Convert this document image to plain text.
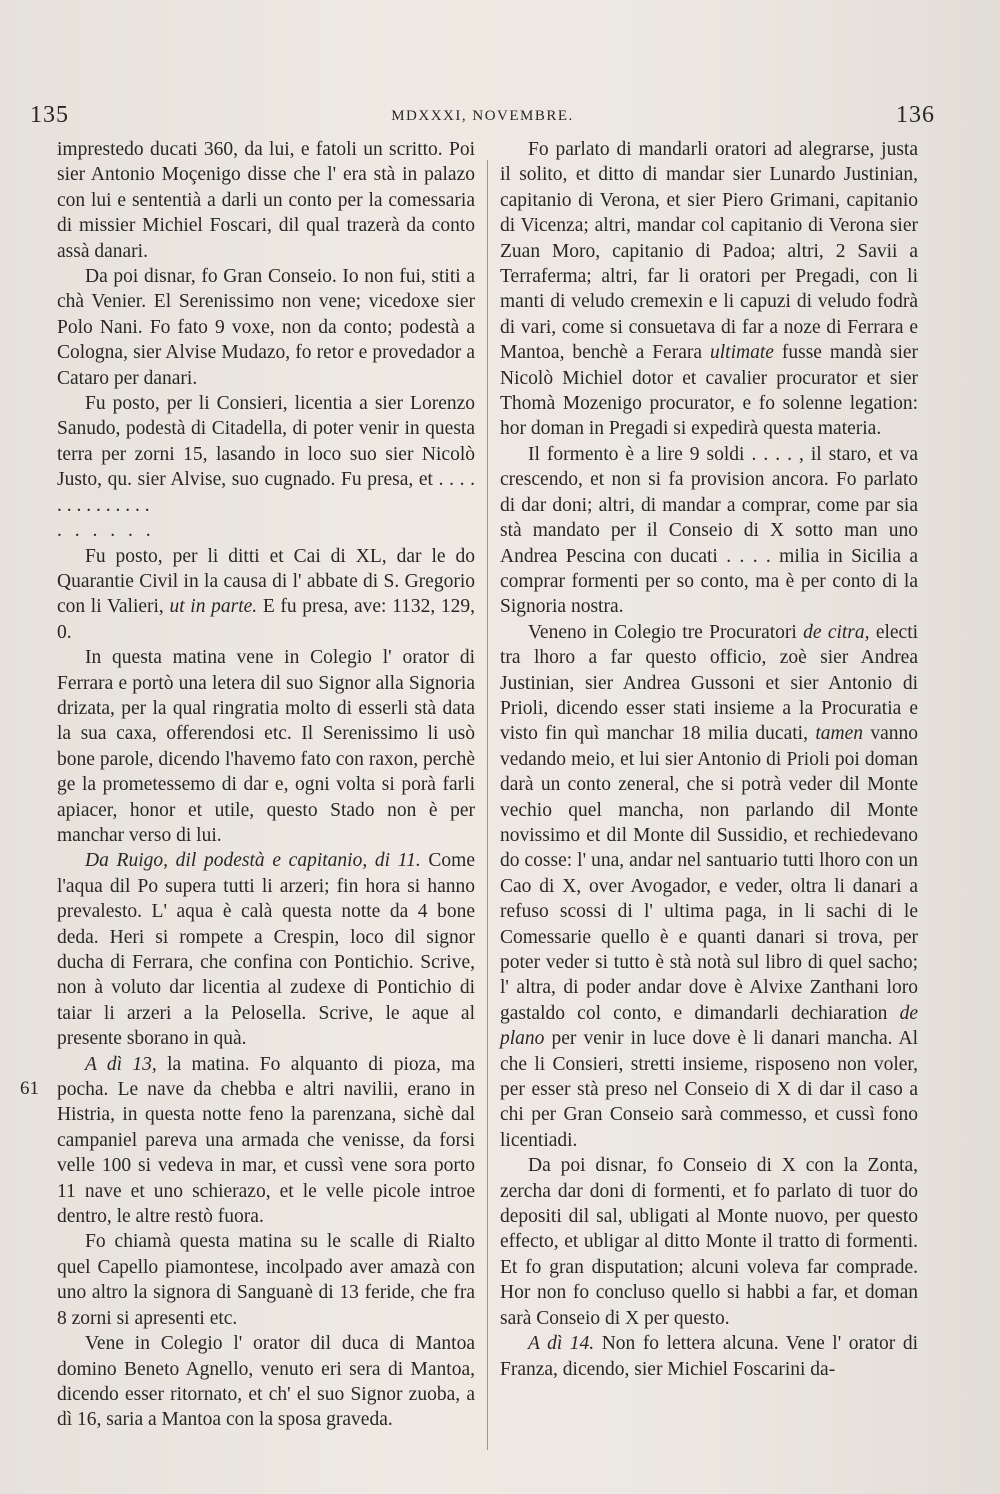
135	MDXXXI, NOVEMBRE.	136
61

imprestedo ducati 360, da lui, e fatoli un scritto. Poi sier Antonio Moçenigo disse che l' era stà in palazo con lui e sententià a darli un conto per la comessaria di missier Michiel Foscari, dil qual trazerà da conto assà danari.

Da poi disnar, fo Gran Conseio. Io non fui, stiti a chà Venier. El Serenissimo non vene; vicedoxe sier Polo Nani. Fo fato 9 voxe, non da conto; podestà a Cologna, sier Alvise Mudazo, fo retor e provedador a Cataro per danari.

Fu posto, per li Consieri, licentia a sier Lorenzo Sanudo, podestà di Citadella, di poter venir in questa terra per zorni 15, lasando in loco suo sier Nicolò Justo, qu. sier Alvise, suo cugnado. Fu presa, et . . . . . . . . . . . . . .

. . . . . .

Fu posto, per li ditti et Cai di XL, dar le do Quarantie Civil in la causa di l' abbate di S. Gregorio con li Valieri, ut in parte. E fu presa, ave: 1132, 129, 0.

In questa matina vene in Colegio l' orator di Ferrara e portò una letera dil suo Signor alla Signoria drizata, per la qual ringratia molto di esserli stà data la sua caxa, offerendosi etc. Il Serenissimo li usò bone parole, dicendo l'havemo fato con raxon, perchè ge la prometessemo di dar e, ogni volta si porà farli apiacer, honor et utile, questo Stado non è per manchar verso di lui.

Da Ruigo, dil podestà e capitanio, di 11. Come l'aqua dil Po supera tutti li arzeri; fin hora si hanno prevalesto. L' aqua è calà questa notte da 4 bone deda. Heri si rompete a Crespin, loco dil signor ducha di Ferrara, che confina con Pontichio. Scrive, non à voluto dar licentia al zudexe di Pontichio di taiar li arzeri a la Pelosella. Scrive, le aque al presente sborano in quà.

A dì 13, la matina. Fo alquanto di pioza, ma pocha. Le nave da chebba e altri navilii, erano in Histria, in questa notte feno la parenzana, sichè dal campaniel pareva una armada che venisse, da forsi velle 100 si vedeva in mar, et cussì vene sora porto 11 nave et uno schierazo, et le velle picole introe dentro, le altre restò fuora.

Fo chiamà questa matina su le scalle di Rialto quel Capello piamontese, incolpado aver amazà con uno altro la signora di Sanguanè di 13 feride, che fra 8 zorni si apresenti etc.

Vene in Colegio l' orator dil duca di Mantoa domino Beneto Agnello, venuto eri sera di Mantoa, dicendo esser ritornato, et ch' el suo Signor zuoba, a dì 16, saria a Mantoa con la sposa graveda.

Fo parlato di mandarli oratori ad alegrarse, justa il solito, et ditto di mandar sier Lunardo Justinian, capitanio di Verona, et sier Piero Grimani, capitanio di Vicenza; altri, mandar col capitanio di Verona sier Zuan Moro, capitanio di Padoa; altri, 2 Savii a Terraferma; altri, far li oratori per Pregadi, con li manti di veludo cremexin e li capuzi di veludo fodrà di vari, come si consuetava di far a noze di Ferrara e Mantoa, benchè a Ferara ultimate fusse mandà sier Nicolò Michiel dotor et cavalier procurator et sier Thomà Mozenigo procurator, e fo solenne legation: hor doman in Pregadi si expedirà questa materia.

Il formento è a lire 9 soldi . . . . , il staro, et va crescendo, et non si fa provision ancora. Fo parlato di dar doni; altri, di mandar a comprar, come par sia stà mandato per il Conseio di X sotto man uno Andrea Pescina con ducati . . . . milia in Sicilia a comprar formenti per so conto, ma è per conto di la Signoria nostra.

Veneno in Colegio tre Procuratori de citra, electi tra lhoro a far questo officio, zoè sier Andrea Justinian, sier Andrea Gussoni et sier Antonio di Prioli, dicendo esser stati insieme a la Procuratia e visto fin quì manchar 18 milia ducati, tamen vanno vedando meio, et lui sier Antonio di Prioli poi doman darà un conto zeneral, che si potrà veder dil Monte vechio quel mancha, non parlando dil Monte novissimo et dil Monte dil Sussidio, et rechiedevano do cosse: l' una, andar nel santuario tutti lhoro con un Cao di X, over Avogador, e veder, oltra li danari a refuso scossi di l' ultima paga, in li sachi di le Comessarie quello è e quanti danari si trova, per poter veder si tutto è stà notà sul libro di quel sacho; l' altra, di poder andar dove è Alvixe Zanthani loro gastaldo col conto, e dimandarli dechiaration de plano per venir in luce dove è li danari mancha. Al che li Consieri, stretti insieme, risposeno non voler, per esser stà preso nel Conseio di X di dar il caso a chi per Gran Conseio sarà commesso, et cussì fono licentiadi.

Da poi disnar, fo Conseio di X con la Zonta, zercha dar doni di formenti, et fo parlato di tuor do depositi dil sal, ubligati al Monte nuovo, per questo effecto, et ubligar al ditto Monte il tratto di formenti. Et fo gran disputation; alcuni voleva far comprade. Hor non fo concluso quello si habbi a far, et doman sarà Conseio di X per questo.

A dì 14. Non fo lettera alcuna. Vene l' orator di Franza, dicendo, sier Michiel Foscarini da-
